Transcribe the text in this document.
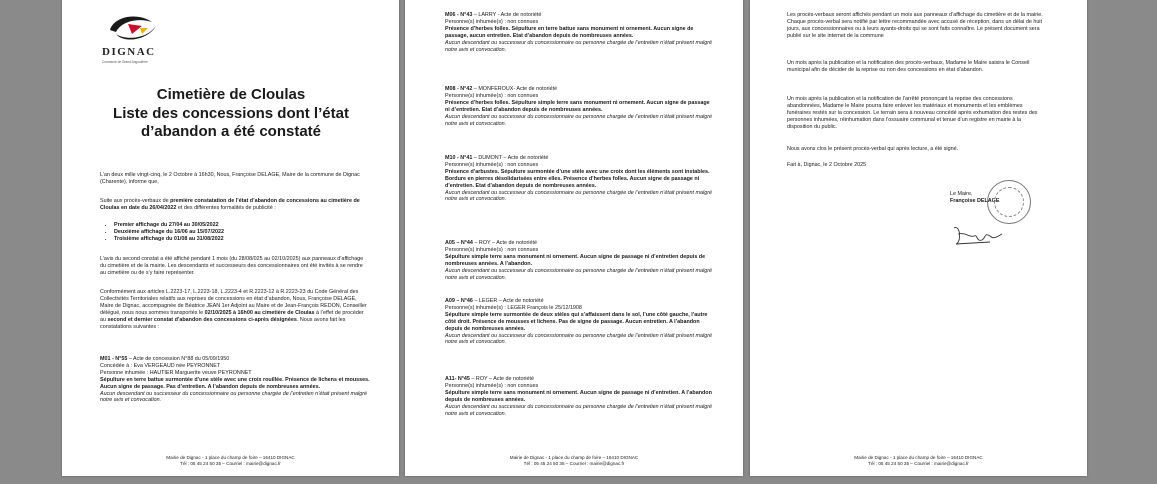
DIGNAC
Commune de Grand Angoulême
Cimetière de Cloulas
Liste des concessions dont l’état
d’abandon a été constaté

L’an deux mille vingt-cinq, le 2 Octobre à 16h30, Nous, Françoise DELAGE, Maire de la commune de Dignac (Charente), informe que,

Suite aux procès-verbaux de première constatation de l’état d’abandon de concessions au cimetière de Cloulas en date du 26/04/2022 et des différentes formalités de publicité :

• Premier affichage du 27/04 au 30/05/2022
• Deuxième affichage du 16/06 au 15/07/2022
• Troisième affichage du 01/08 au 31/08/2022

L’avis du second constat a été affiché pendant 1 mois (du 28/08/025 au 02/10/2025) aux panneaux d’affichage du cimetière et de la mairie. Les descendants et successeurs des concessionnaires ont été invités à se rendre au cimetière ou de s’y faire représenter.

Conformément aux articles L.2223-17, L.2223-18, L.2223-4 et R.2223-12 à R.2223-23 du Code Général des Collectivités Territoriales relatifs aux reprises de concessions en état d’abandon, Nous, Françoise DELAGE, Maire de Dignac, accompagnée de Béatrice JEAN 1er Adjoint au Maire et de Jean-François REDON, Conseiller délégué, nous nous sommes transportés le 02/10/2025 à 16h00 au cimetière de Cloulas à l’effet de procéder au second et dernier constat d’abandon des concessions ci-après désignées. Nous avons fait les constatations suivantes :

M01 - N°55 – Acte de concession N°88 du 05/09/1950

Concédée à : Eva VERGEAUD née PEYRONNET

Personne inhumée : HAUTIER Marguerite veuve PEYRONNET

Sépulture en terre battue surmontée d’une stèle avec une croix rouillée. Présence de lichens et mousses. Aucun signe de passage. Pas d’entretien. A l’abandon depuis de nombreuses années.

Aucun descendant ou successeur du concessionnaire ou personne chargée de l’entretien n’était présent malgré notre avis et convocation.

Mairie de Dignac - 1 place du champ de foire – 16410 DIGNAC
Tél : 05 45 24 50 35 – Courriel : mairie@dignac.fr

M06 - N°43 – LARRY - Acte de notoriété

Personne(s) inhumée(s) : non connues

Présence d’herbes folles. Sépulture en terre battue sans monument ni ornement. Aucun signe de passage, aucun entretien. Etat d’abandon depuis de nombreuses années.

Aucun descendant ou successeur du concessionnaire ou personne chargée de l’entretien n’était présent malgré notre avis et convocation.

M08 - N°42 – MONFEROUX- Acte de notoriété

Personne(s) inhumée(s) : non connues

Présence d’herbes folles. Sépulture simple terre sans monument ni ornement. Aucun signe de passage ni d’entretien. Etat d’abandon depuis de nombreuses années.

Aucun descendant ou successeur du concessionnaire ou personne chargée de l’entretien n’était présent malgré notre avis et convocation.

M10 - N°41 – DUMONT – Acte de notoriété

Personne(s) inhumée(s) : non connues

Présence d’arbustes. Sépulture surmontée d’une stèle avec une croix dont les éléments sont instables. Bordure en pierres désolidarisées entre elles. Présence d’herbes folles. Aucun signe de passage ni d’entretien. Etat d’abandon depuis de nombreuses années.

Aucun descendant ou successeur du concessionnaire ou personne chargée de l’entretien n’était présent malgré notre avis et convocation.

A05 – N°44 – ROY – Acte de notoriété

Personne(s) inhumée(s) : non connues

Sépulture simple terre sans monument ni ornement. Aucun signe de passage ni d’entretien depuis de nombreuses années. A l’abandon.

Aucun descendant ou successeur du concessionnaire ou personne chargée de l’entretien n’était présent malgré notre avis et convocation.

A09 – N°46 – LEGER – Acte de notoriété

Personne(s) inhumée(s) : LEGER François le 25/12/1908

Sépulture simple terre surmontée de deux stèles qui s’affaissent dans le sol, l’une côté gauche, l’autre côté droit. Présence de mousses et lichens. Pas de signe de passage. Aucun entretien. A l’abandon depuis de nombreuses années.

Aucun descendant ou successeur du concessionnaire ou personne chargée de l’entretien n’était présent malgré notre avis et convocation.

A11- N°45 – ROY – Acte de notoriété

Personne(s) inhumée(s) : non connues

Sépulture simple terre sans monument ni ornement. Aucun signe de passage ni d’entretien. A l’abandon depuis de nombreuses années.

Aucun descendant ou successeur du concessionnaire ou personne chargée de l’entretien n’était présent malgré notre avis et convocation.

Mairie de Dignac - 1 place du champ de foire – 16410 DIGNAC
Tél : 05 45 24 50 35 – Courriel : mairie@dignac.fr

Les procès-verbaux seront affichés pendant un mois aux panneaux d’affichage du cimetière et de la mairie. Chaque procès-verbal sera notifié par lettre recommandée avec accusé de réception, dans un délai de huit jours, aux concessionnaires ou à leurs ayants-droits qui se sont faits connaître. Le présent document sera publié sur le site internet de la commune

Un mois après la publication et la notification des procès-verbaux, Madame le Maire saisira le Conseil municipal afin de décider de la reprise ou non des concessions en état d’abandon.

Un mois après la publication et la notification de l’arrêté prononçant la reprise des concessions abandonnées, Madame le Maire pourra faire enlever les matériaux et monuments et les emblèmes funéraires restés sur la concession. Le terrain sera à nouveau concédé après exhumation des restes des personnes inhumées, réinhumation dans l’ossuaire communal et tenue d’un registre en mairie à la disposition du public.

Nous avons clos le présent procès-verbal qui après lecture, a été signé.

Fait à, Dignac, le 2 Octobre 2025

Le Maire,

Françoise DELAGE

Mairie de Dignac - 1 place du champ de foire – 16410 DIGNAC
Tél : 05 45 24 50 35 – Courriel : mairie@dignac.fr
